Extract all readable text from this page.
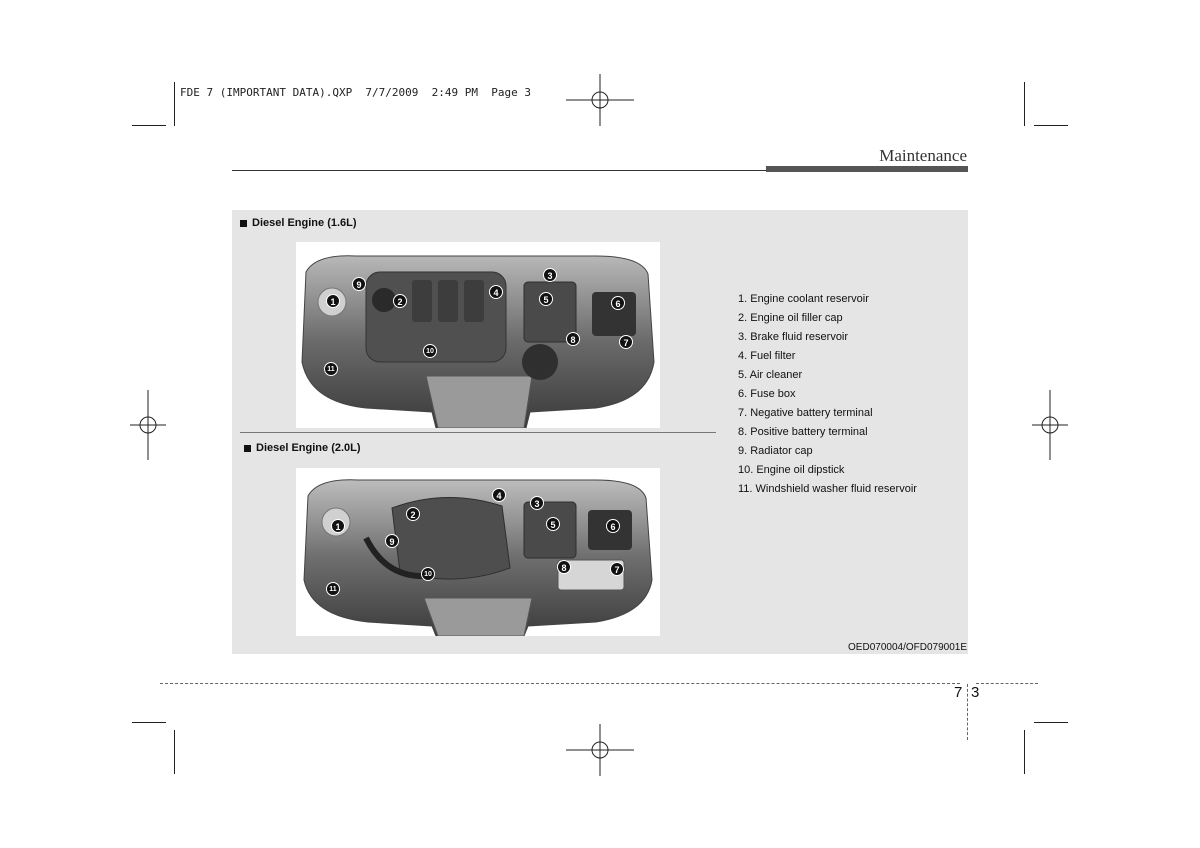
FDE 7 (IMPORTANT DATA).QXP  7/7/2009  2:49 PM  Page 3
Maintenance
Diesel Engine (1.6L)
1	2
3
4
5	6
7
8
9
10
11
Diesel Engine (2.0L)
1
2
3
4
5	6
7
8
9
10
11
1. Engine coolant reservoir
2. Engine oil filler cap
3. Brake fluid reservoir
4. Fuel filter
5. Air cleaner
6. Fuse box
7. Negative battery terminal
8. Positive battery terminal
9. Radiator cap
10. Engine oil dipstick
11. Windshield washer fluid reservoir
OED070004/OFD079001E
7 3
